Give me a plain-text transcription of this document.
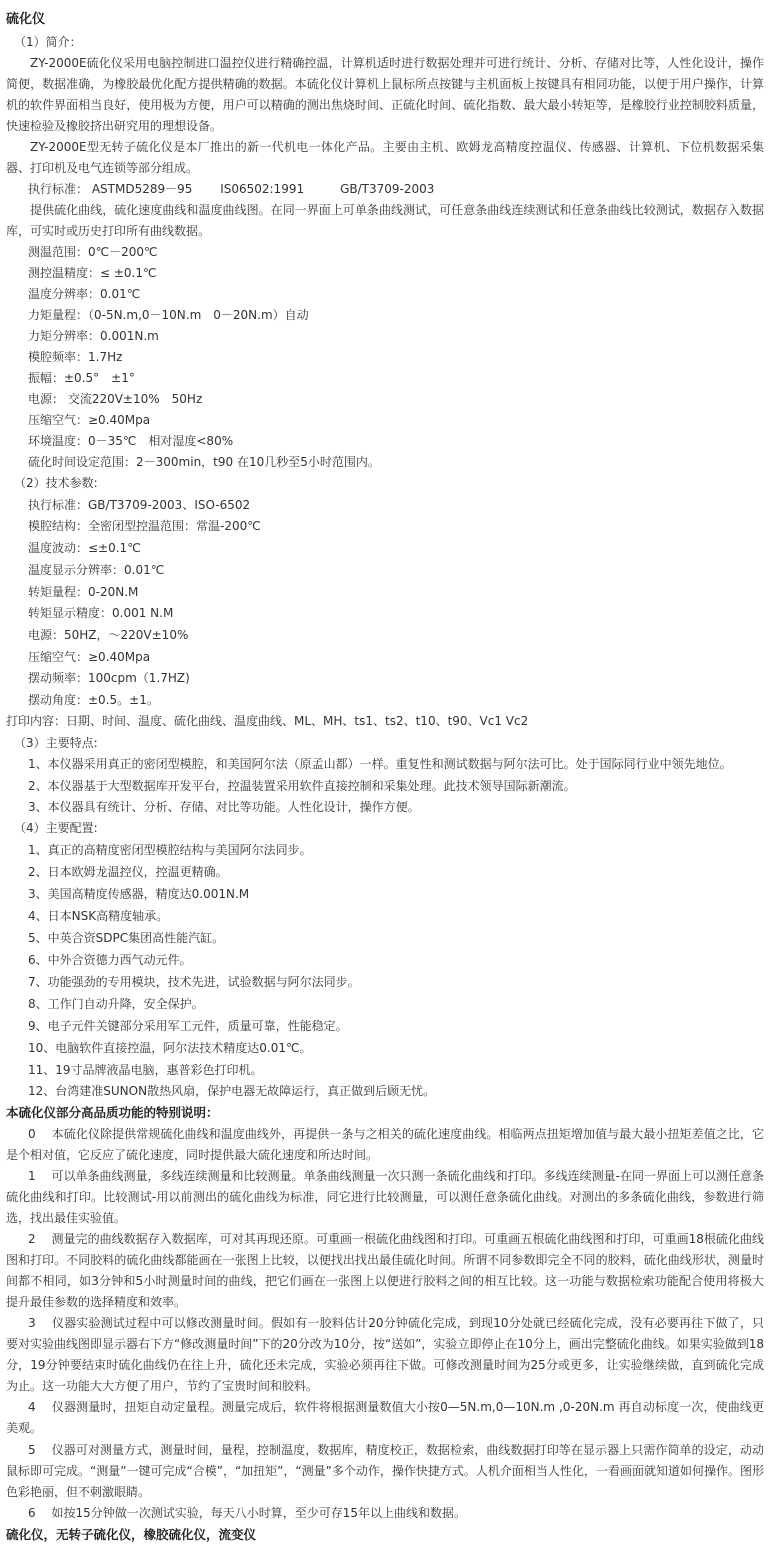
硫化仪
（1）简介：
ZY-2000E硫化仪采用电脑控制进口温控仪进行精确控温，计算机适时进行数据处理并可进行统计、分析、存储对比等，人性化设计，操作简便，数据准确，为橡胶最优化配方提供精确的数据。本硫化仪计算机上鼠标所点按键与主机面板上按键具有相同功能，以便于用户操作，计算机的软件界面相当良好，使用极为方便，用户可以精确的测出焦烧时间、正硫化时间、硫化指数、最大最小转矩等，是橡胶行业控制胶料质量，快速检验及橡胶挤出研究用的理想设备。
ZY-2000E型无转子硫化仪是本厂推出的新一代机电一体化产品。主要由主机、欧姆龙高精度控温仪、传感器、计算机、下位机数据采集器、打印机及电气连锁等部分组成。
执行标准： ASTMD5289－95　　 IS06502:1991　　　GB/T3709-2003
提供硫化曲线，硫化速度曲线和温度曲线图。在同一界面上可单条曲线测试，可任意条曲线连续测试和任意条曲线比较测试，数据存入数据库，可实时或历史打印所有曲线数据。
测温范围：0℃－200℃
测控温精度：≤ ±0.1℃
温度分辨率：0.01℃
力矩量程：（0-5N.m,0－10N.m　0－20N.m）自动
力矩分辨率：0.001N.m
模腔频率：1.7Hz
振幅：±0.5°　±1°
电源： 交流220V±10%　50Hz
压缩空气：≥0.40Mpa
环境温度：0－35℃　相对湿度<80%
硫化时间设定范围：2－300min，t90 在10几秒至5小时范围内。
（2）技术参数:
执行标准：GB/T3709-2003、ISO-6502
模腔结构：全密闭型控温范围：常温-200℃
温度波动：≤±0.1℃
温度显示分辨率：0.01℃
转矩量程：0-20N.M
转矩显示精度：0.001 N.M
电源：50HZ，～220V±10%
压缩空气：≥0.40Mpa
摆动频率：100cpm（1.7HZ)
摆动角度：±0.5。±1。
打印内容：日期、时间、温度、硫化曲线、温度曲线、ML、MH、ts1、ts2、t10、t90、Vc1 Vc2
（3）主要特点:
1、本仪器采用真正的密闭型模腔，和美国阿尔法（原孟山都）一样。重复性和测试数据与阿尔法可比。处于国际同行业中领先地位。
2、本仪器基于大型数据库开发平台，控温装置采用软件直接控制和采集处理。此技术领导国际新潮流。
3、本仪器具有统计、分析、存储、对比等功能。人性化设计，操作方便。
（4）主要配置:
1、真正的高精度密闭型模腔结构与美国阿尔法同步。
2、日本欧姆龙温控仪，控温更精确。
3、美国高精度传感器，精度达0.001N.M
4、日本NSK高精度轴承。
5、中英合资SDPC集团高性能汽缸。
6、中外合资德力西气动元件。
7、功能强劲的专用模块，技术先进，试验数据与阿尔法同步。
8、工作门自动升降，安全保护。
9、电子元件关键部分采用军工元件，质量可靠，性能稳定。
10、电脑软件直接控温，阿尔法技术精度达0.01℃。
11、19寸品牌液晶电脑，惠普彩色打印机。
12、台湾建准SUNON散热风扇，保护电器无故障运行，真正做到后顾无忧。
本硫化仪部分高品质功能的特别说明：
0　 本硫化仪除提供常规硫化曲线和温度曲线外，再提供一条与之相关的硫化速度曲线。相临两点扭矩增加值与最大最小扭矩差值之比，它是个相对值，它反应了硫化速度，同时提供最大硫化速度和所达时间。
1　 可以单条曲线测量，多线连续测量和比较测量。单条曲线测量一次只测一条硫化曲线和打印。多线连续测量-在同一界面上可以测任意条硫化曲线和打印。比较测试-用以前测出的硫化曲线为标准，同它进行比较测量，可以测任意条硫化曲线。对测出的多条硫化曲线，参数进行筛选，找出最佳实验值。
2　 测量完的曲线数据存入数据库，可对其再现还原。可重画一根硫化曲线图和打印。可重画五根硫化曲线图和打印，可重画18根硫化曲线图和打印。不同胶料的硫化曲线都能画在一张图上比较，以便找出找出最佳硫化时间。所谓不同参数即完全不同的胶料，硫化曲线形状，测量时间都不相同，如3分钟和5小时测量时间的曲线，把它们画在一张图上以便进行胶料之间的相互比较。这一功能与数据检索功能配合使用将极大提升最佳参数的选择精度和效率。
3　 仪器实验测试过程中可以修改测量时间。假如有一胶料估计20分钟硫化完成，到现10分处就已经硫化完成，没有必要再往下做了，只要对实验曲线图即显示器右下方“修改测量时间”下的20分改为10分，按“送如”，实验立即停止在10分上，画出完整硫化曲线。如果实验做到18分，19分钟要结束时硫化曲线仍在往上升，硫化还未完成，实验必须再往下做。可修改测量时间为25分或更多，让实验继续做，直到硫化完成为止。这一功能大大方便了用户，节约了宝贵时间和胶料。
4　 仪器测量时，扭矩自动定量程。测量完成后，软件将根据测量数值大小按0—5N.m,0—10N.m ,0-20N.m 再自动标度一次，使曲线更美观。
5　 仪器可对测量方式，测量时间，量程，控制温度，数据库，精度校正，数据检索，曲线数据打印等在显示器上只需作简单的设定，动动鼠标即可完成。“测量”一键可完成“合模”，“加扭矩”，“测量”多个动作，操作快捷方式。人机介面相当人性化，一看画面就知道如何操作。图形色彩艳丽，但不刺激眼睛。
6　 如按15分钟做一次测试实验，每天八小时算，至少可存15年以上曲线和数据。
硫化仪，无转子硫化仪，橡胶硫化仪，流变仪
